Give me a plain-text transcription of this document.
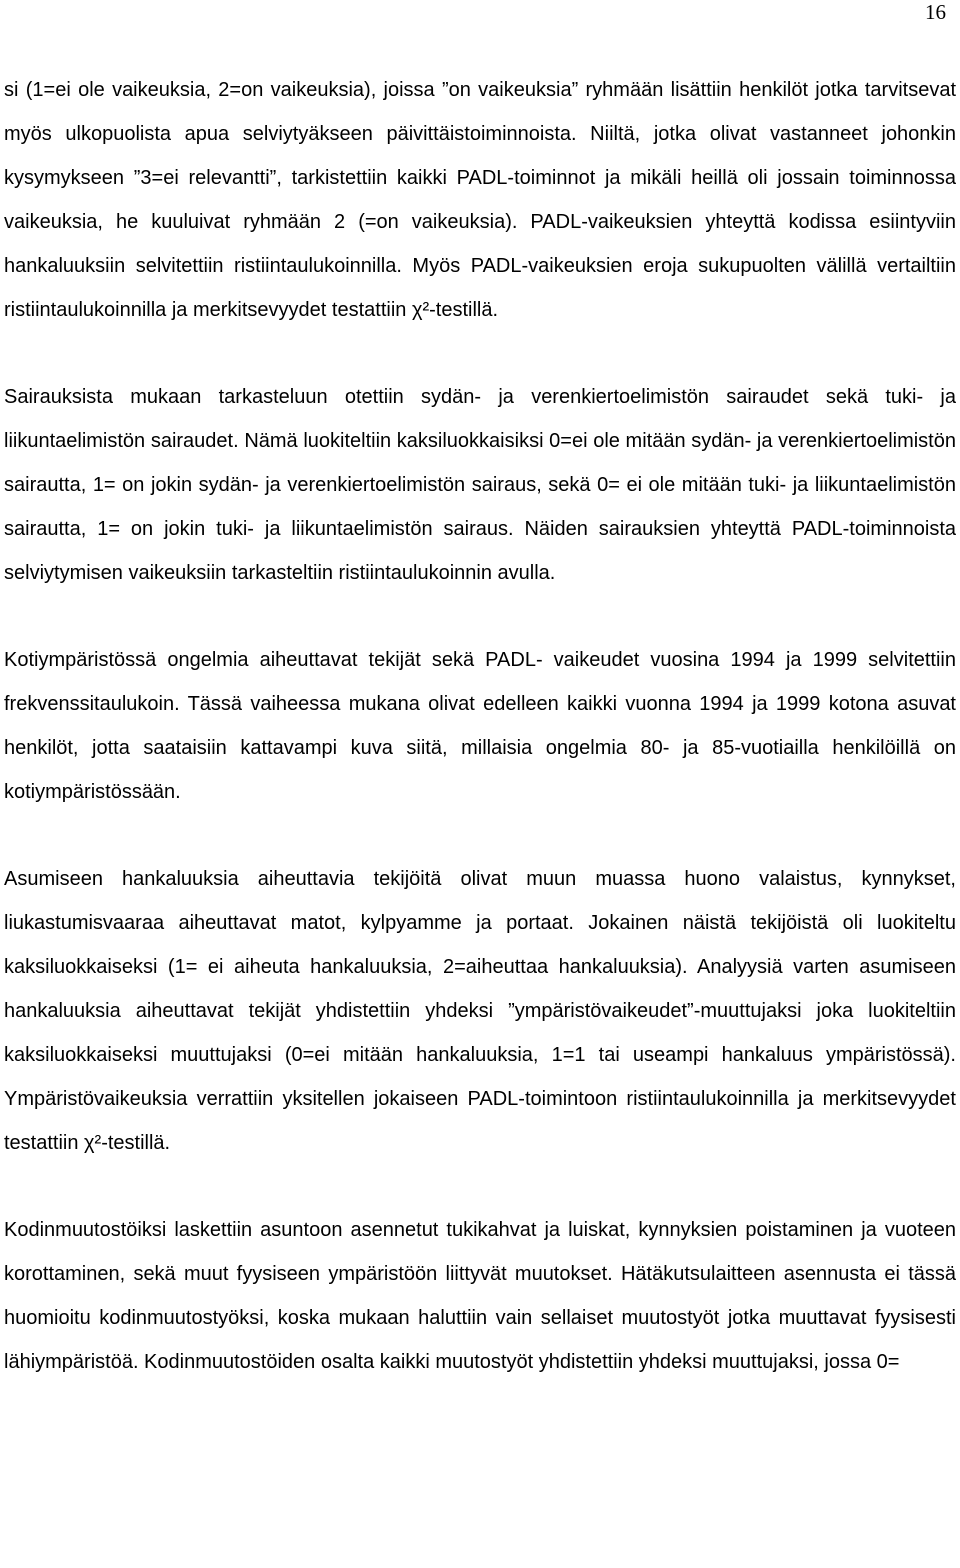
16

si (1=ei ole vaikeuksia, 2=on vaikeuksia), joissa ”on vaikeuksia” ryhmään lisättiin henkilöt jotka tarvitsevat myös ulkopuolista apua selviytyäkseen päivittäistoiminnoista. Niiltä, jotka olivat vastanneet johonkin kysymykseen ”3=ei relevantti”, tarkistettiin kaikki PADL-toiminnot ja mikäli heillä oli jossain toiminnossa vaikeuksia, he kuuluivat ryhmään 2 (=on vaikeuksia). PADL-vaikeuksien yhteyttä kodissa esiintyviin hankaluuksiin selvitettiin ristiintaulukoinnilla. Myös PADL-vaikeuksien eroja sukupuolten välillä vertailtiin ristiintaulukoinnilla ja merkitsevyydet testattiin χ²-testillä.

Sairauksista mukaan tarkasteluun otettiin sydän- ja verenkiertoelimistön sairaudet sekä tuki- ja liikuntaelimistön sairaudet. Nämä luokiteltiin kaksiluokkaisiksi 0=ei ole mitään sydän- ja verenkiertoelimistön sairautta, 1= on jokin sydän- ja verenkiertoelimistön sairaus, sekä 0= ei ole mitään tuki- ja liikuntaelimistön sairautta, 1= on jokin tuki- ja liikuntaelimistön sairaus. Näiden sairauksien yhteyttä PADL-toiminnoista selviytymisen vaikeuksiin tarkasteltiin ristiintaulukoinnin avulla.

Kotiympäristössä ongelmia aiheuttavat tekijät sekä PADL- vaikeudet vuosina 1994 ja 1999 selvitettiin frekvenssitaulukoin. Tässä vaiheessa mukana olivat edelleen kaikki vuonna 1994 ja 1999 kotona asuvat henkilöt, jotta saataisiin kattavampi kuva siitä, millaisia ongelmia 80- ja 85-vuotiailla henkilöillä on kotiympäristössään.

Asumiseen hankaluuksia aiheuttavia tekijöitä olivat muun muassa huono valaistus, kynnykset, liukastumisvaaraa aiheuttavat matot, kylpyamme ja portaat. Jokainen näistä tekijöistä oli luokiteltu kaksiluokkaiseksi (1= ei aiheuta hankaluuksia, 2=aiheuttaa hankaluuksia). Analyysiä varten asumiseen hankaluuksia aiheuttavat tekijät yhdistettiin yhdeksi ”ympäristövaikeudet”-muuttujaksi joka luokiteltiin kaksiluokkaiseksi muuttujaksi (0=ei mitään hankaluuksia, 1=1 tai useampi hankaluus ympäristössä). Ympäristövaikeuksia verrattiin yksitellen jokaiseen PADL-toimintoon ristiintaulukoinnilla ja merkitsevyydet testattiin χ²-testillä.

Kodinmuutostöiksi laskettiin asuntoon asennetut tukikahvat ja luiskat, kynnyksien poistaminen ja vuoteen korottaminen, sekä muut fyysiseen ympäristöön liittyvät muutokset. Hätäkutsulaitteen asennusta ei tässä huomioitu kodinmuutostyöksi, koska mukaan haluttiin vain sellaiset muutostyöt jotka muuttavat fyysisesti lähiympäristöä. Kodinmuutostöiden osalta kaikki muutostyöt yhdistettiin yhdeksi muuttujaksi, jossa 0=
